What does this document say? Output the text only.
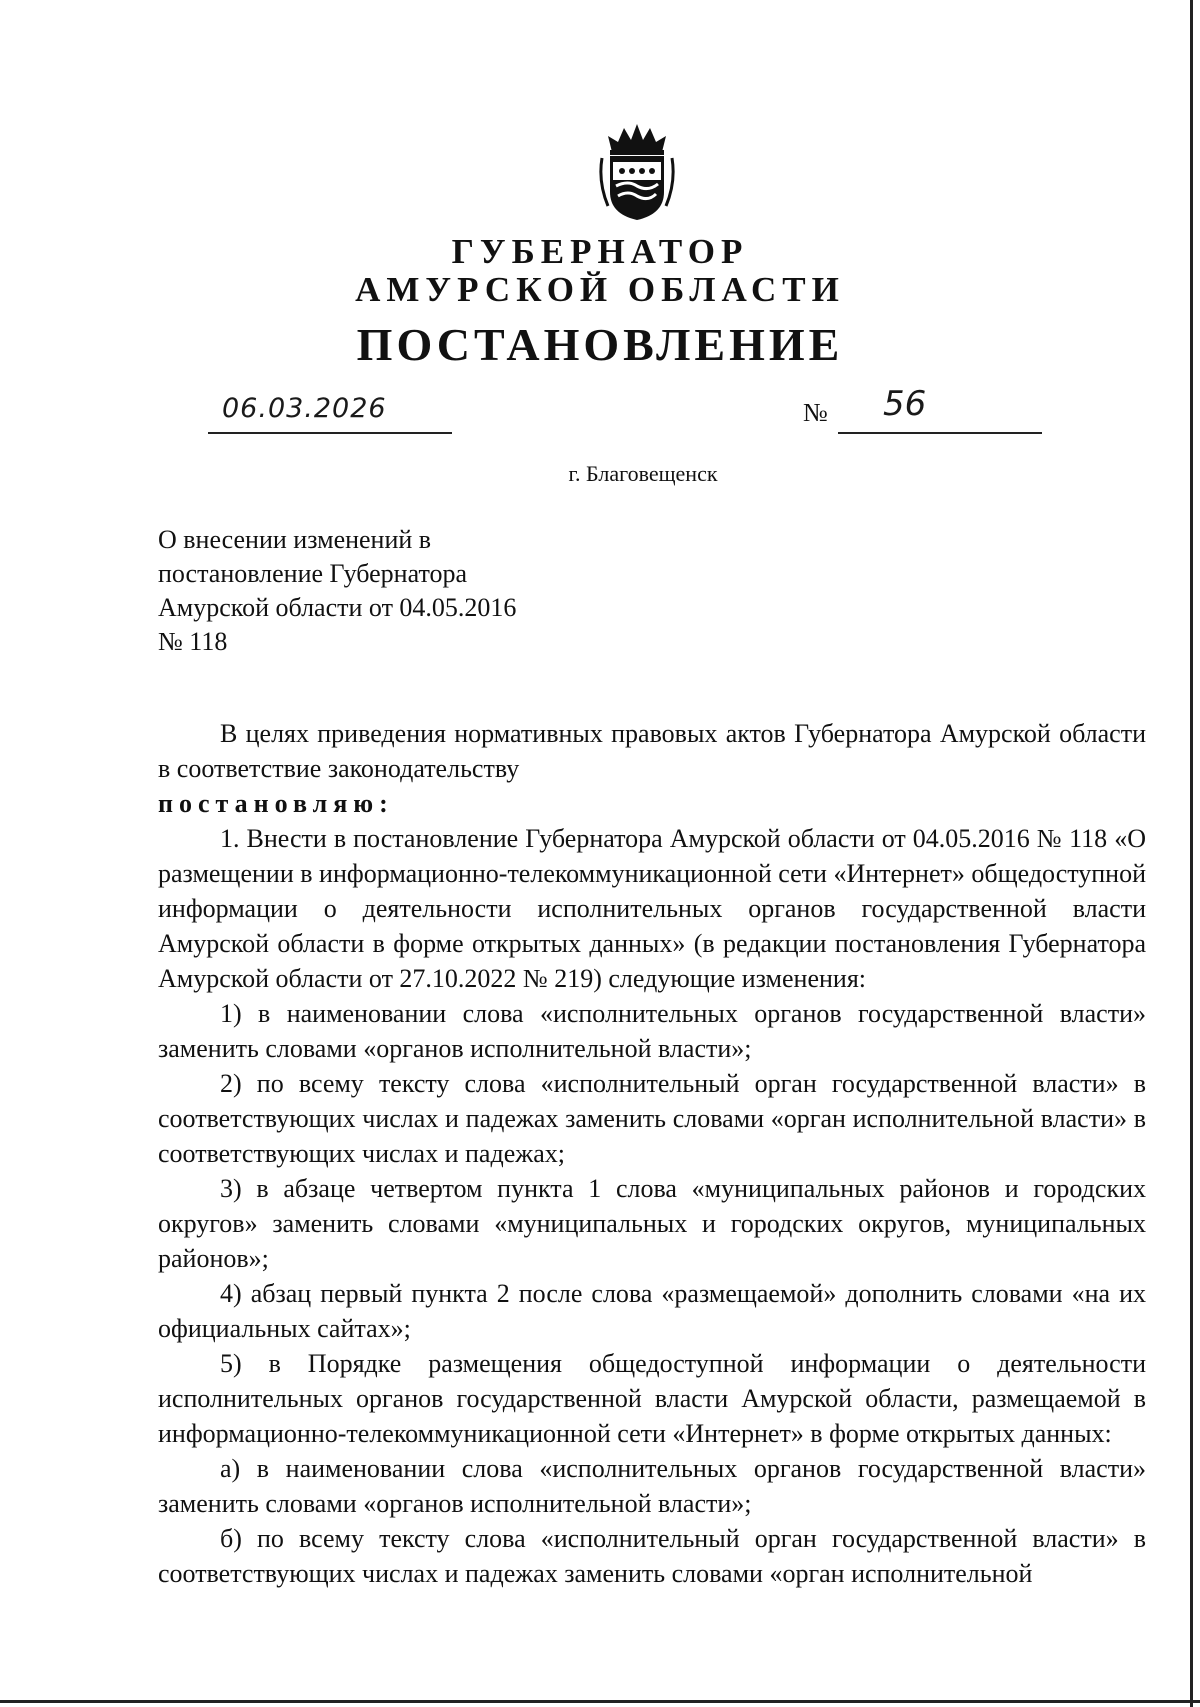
ГУБЕРНАТОР
АМУРСКОЙ ОБЛАСТИ
ПОСТАНОВЛЕНИЕ
06.03.2026	№ 56
г. Благовещенск
О внесении изменений в
постановление Губернатора
Амурской области от 04.05.2016
№ 118

В целях приведения нормативных правовых актов Губернатора Амурской области в соответствие законодательству

постановляю:

1. Внести в постановление Губернатора Амурской области от 04.05.2016 № 118 «О размещении в информационно-телекоммуникационной сети «Интернет» общедоступной информации о деятельности исполнительных органов государственной власти Амурской области в форме открытых данных» (в редакции постановления Губернатора Амурской области от 27.10.2022 № 219) следующие изменения:

1) в наименовании слова «исполнительных органов государственной власти» заменить словами «органов исполнительной власти»;

2) по всему тексту слова «исполнительный орган государственной власти» в соответствующих числах и падежах заменить словами «орган исполнительной власти» в соответствующих числах и падежах;

3) в абзаце четвертом пункта 1 слова «муниципальных районов и городских округов» заменить словами «муниципальных и городских округов, муниципальных районов»;

4) абзац первый пункта 2 после слова «размещаемой» дополнить словами «на их официальных сайтах»;

5) в Порядке размещения общедоступной информации о деятельности исполнительных органов государственной власти Амурской области, размещаемой в информационно-телекоммуникационной сети «Интернет» в форме открытых данных:

а) в наименовании слова «исполнительных органов государственной власти» заменить словами «органов исполнительной власти»;

б) по всему тексту слова «исполнительный орган государственной власти» в соответствующих числах и падежах заменить словами «орган исполнительной
